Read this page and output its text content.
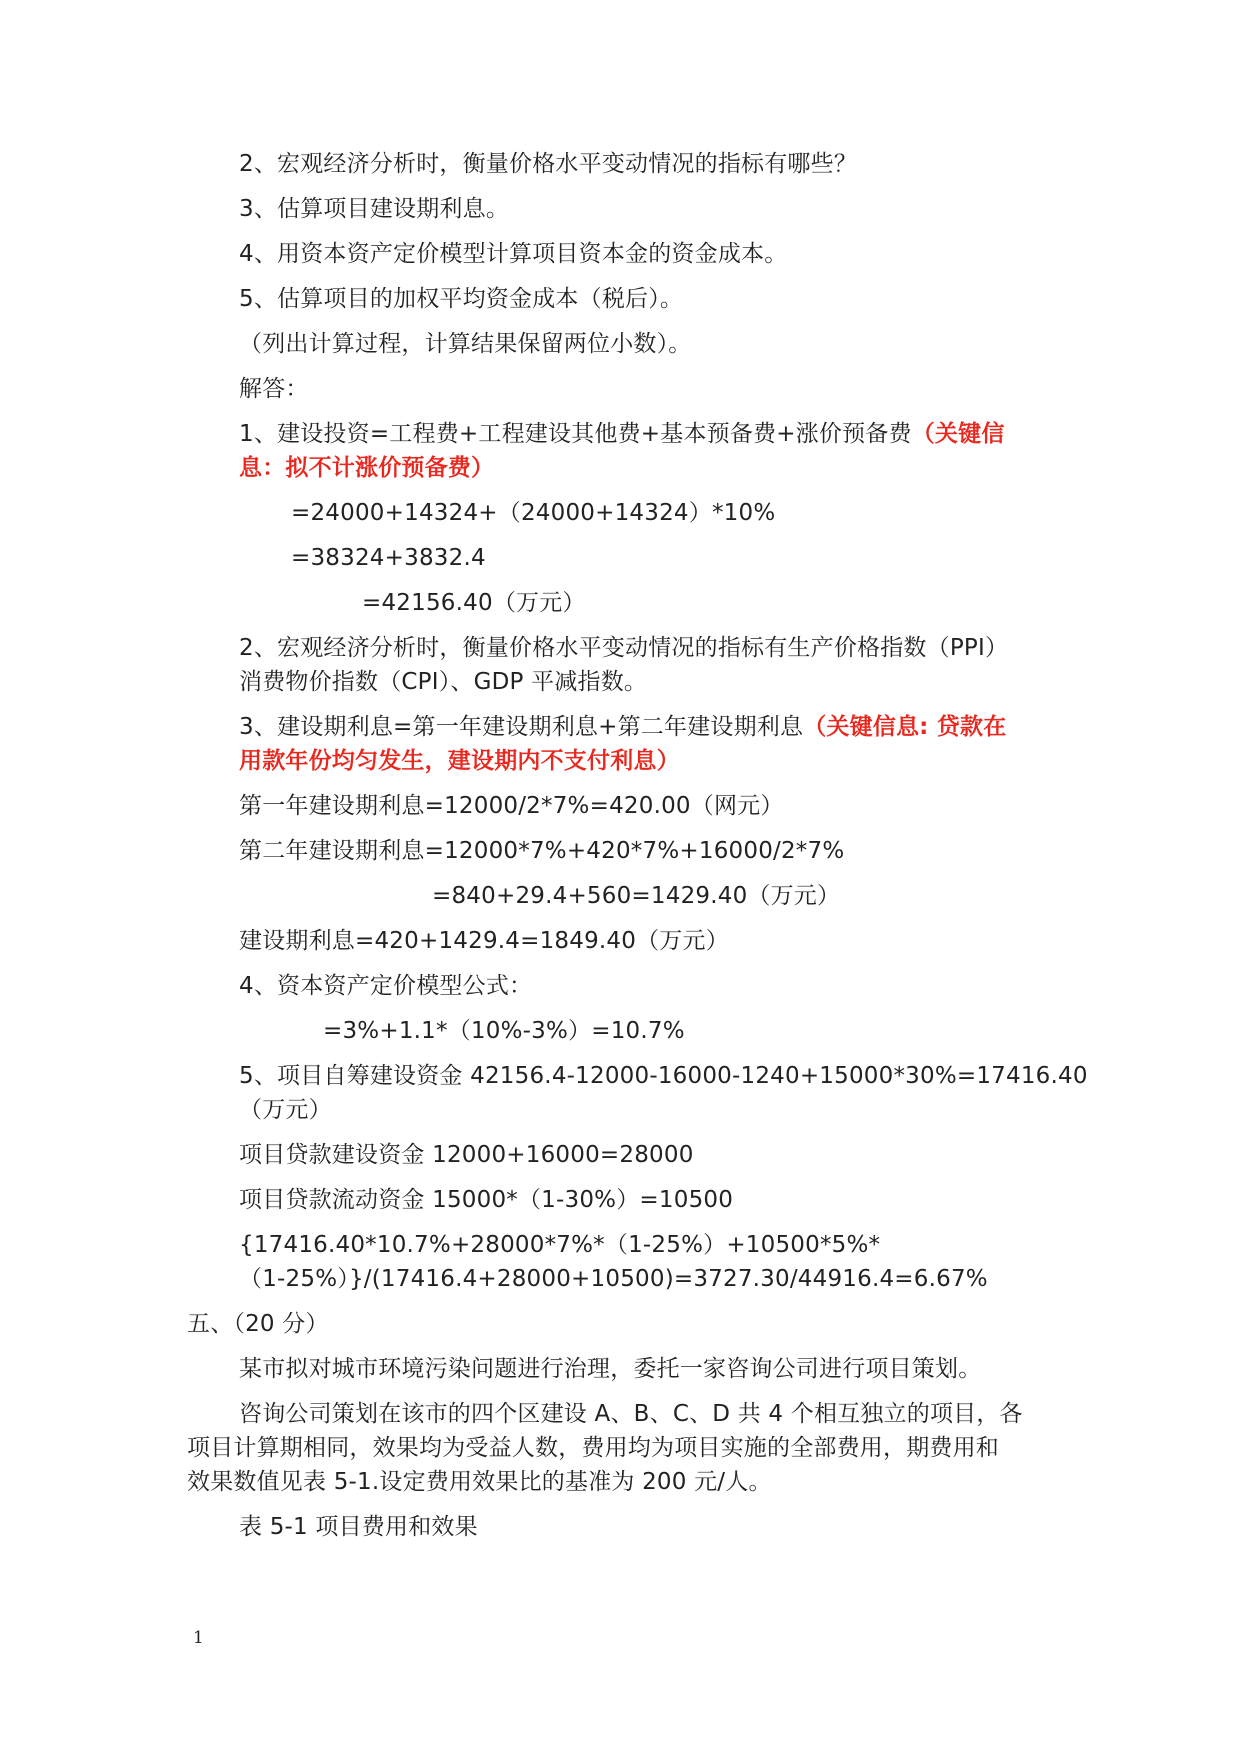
2、宏观经济分析时，衡量价格水平变动情况的指标有哪些？
3、估算项目建设期利息。
4、用资本资产定价模型计算项目资本金的资金成本。
5、估算项目的加权平均资金成本（税后）。
（列出计算过程，计算结果保留两位小数）。
解答：
1、建设投资=工程费+工程建设其他费+基本预备费+涨价预备费（关键信
息：拟不计涨价预备费）
=24000+14324+（24000+14324）*10%
=38324+3832.4
=42156.40（万元）
2、宏观经济分析时，衡量价格水平变动情况的指标有生产价格指数（PPI）
消费物价指数（CPI）、GDP 平减指数。
3、建设期利息=第一年建设期利息+第二年建设期利息（关键信息: 贷款在
用款年份均匀发生，建设期内不支付利息）
第一年建设期利息=12000/2*7%=420.00（网元）
第二年建设期利息=12000*7%+420*7%+16000/2*7%
=840+29.4+560=1429.40（万元）
建设期利息=420+1429.4=1849.40（万元）
4、资本资产定价模型公式：
=3%+1.1*（10%-3%）=10.7%
5、项目自筹建设资金 42156.4-12000-16000-1240+15000*30%=17416.40
（万元）
项目贷款建设资金 12000+16000=28000
项目贷款流动资金 15000*（1-30%）=10500
{17416.40*10.7%+28000*7%*（1-25%）+10500*5%*
（1-25%）}/(17416.4+28000+10500)=3727.30/44916.4=6.67%
五、（20 分）
某市拟对城市环境污染问题进行治理，委托一家咨询公司进行项目策划。
咨询公司策划在该市的四个区建设 A、B、C、D 共 4 个相互独立的项目，各
项目计算期相同，效果均为受益人数，费用均为项目实施的全部费用，期费用和
效果数值见表 5-1.设定费用效果比的基准为 200 元/人。
表 5-1 项目费用和效果
1
